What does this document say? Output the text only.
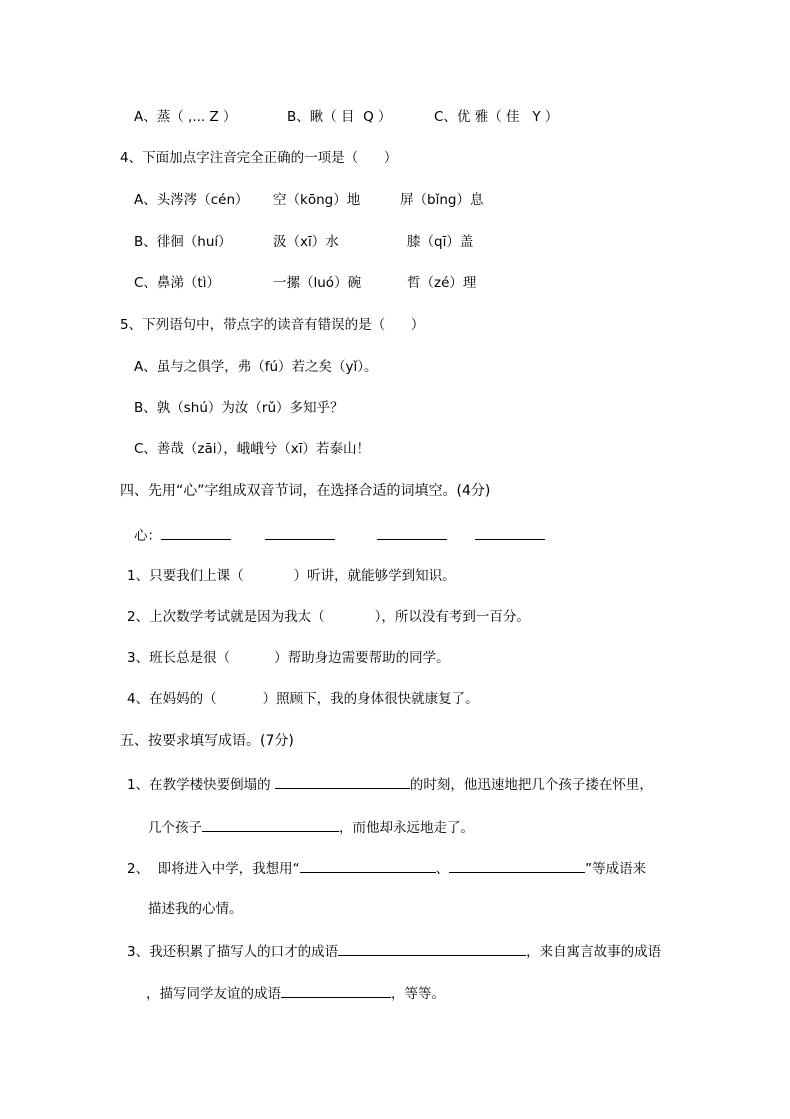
A、蒸（ ,... Z ）	B、瞅（ 目  Q ）	C、优 雅（ 佳   Y ）
4、下面加点字注音完全正确的一项是（      ）
A、头涔涔（cén） 空（kōng）地	屏（bǐng）息
B、徘徊（huí）	汲（xī）水	膝（qī）盖
C、鼻涕（tì）	一摞（luó）碗	哲（zé）理
5、下列语句中，带点字的读音有错误的是（      ）
A、虽与之俱学，弗（fú）若之矣（yǐ）。
B、孰（shú）为汝（rǔ）多知乎？
C、善哉（zāi），峨峨兮（xī）若泰山！
四、先用“心”字组成双音节词，在选择合适的词填空。(4分)
心：
1、只要我们上课（	）听讲，就能够学到知识。
2、上次数学考试就是因为我太（	），所以没有考到一百分。
3、班长总是很（	）帮助身边需要帮助的同学。
4、在妈妈的（	）照顾下，我的身体很快就康复了。
五、按要求填写成语。(7分)
1、在教学楼快要倒塌的	的时刻，他迅速地把几个孩子搂在怀里，
几个孩子	，而他却永远地走了。
2、  即将进入中学，我想用“	、	”等成语来
描述我的心情。
3、我还积累了描写人的口才的成语	，来自寓言故事的成语
，描写同学友谊的成语	，等等。
